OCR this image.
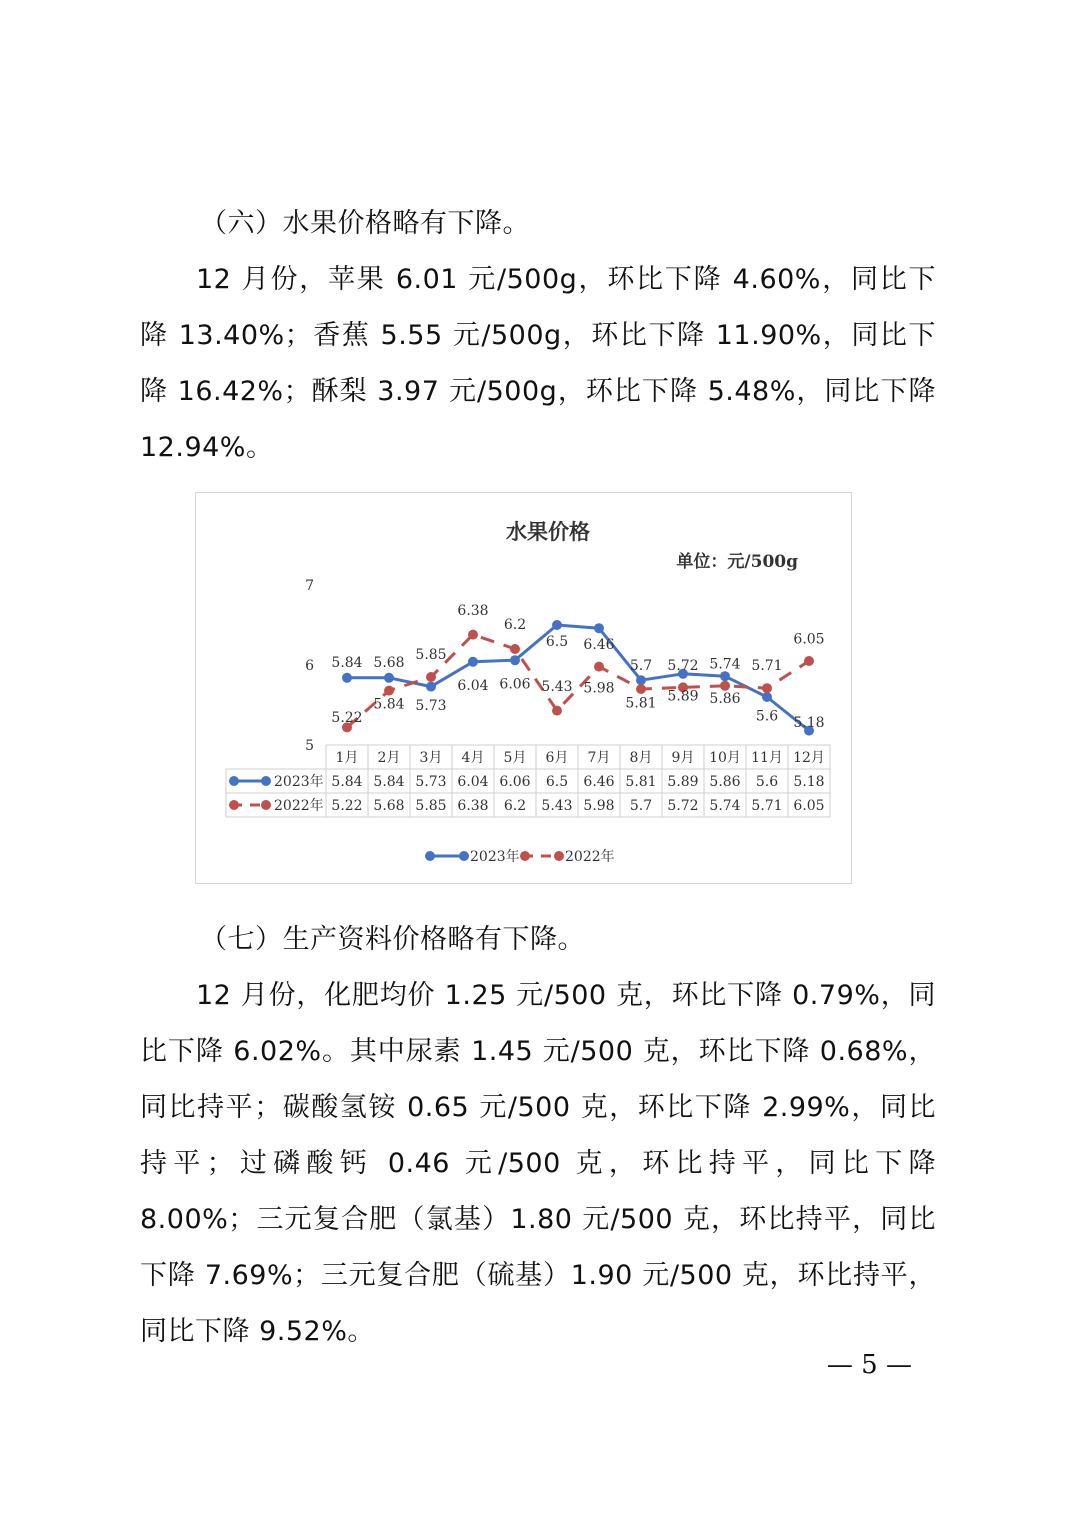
（六）水果价格略有下降。

12 月份，苹果 6.01 元/500g，环比下降 4.60%，同比下降 13.40%；香蕉 5.55 元/500g，环比下降 11.90%，同比下降 16.42%；酥梨 3.97 元/500g，环比下降 5.48%，同比下降 12.94%。

水果价格
单位：元/500g
5
6
7
5.84 5.68 5.85
6.38
6.2
6.5 6.46
5.7 5.72 5.74 5.71
6.05
5.22
5.84 5.73
6.04 6.06 5.43 5.98
5.81 5.89 5.86
5.6 5.18
1月 2月 3月 4月 5月 6月 7月 8月 9月 10月 11月 12月
2023年 5.84 5.84 5.73 6.04 6.06 6.5 6.46 5.81 5.89 5.86 5.6 5.18
2022年 5.22 5.68 5.85 6.38 6.2 5.43 5.98 5.7 5.72 5.74 5.71 6.05
2023年	2022年

（七）生产资料价格略有下降。

12 月份，化肥均价 1.25 元/500 克，环比下降 0.79%，同比下降 6.02%。其中尿素 1.45 元/500 克，环比下降 0.68%，同比持平；碳酸氢铵 0.65 元/500 克，环比下降 2.99%，同比持平；过磷酸钙 0.46 元/500 克，环比持平，同比下降 8.00%；三元复合肥（氯基）1.80 元/500 克，环比持平，同比下降 7.69%；三元复合肥（硫基）1.90 元/500 克，环比持平，同比下降 9.52%。

— 5 —
